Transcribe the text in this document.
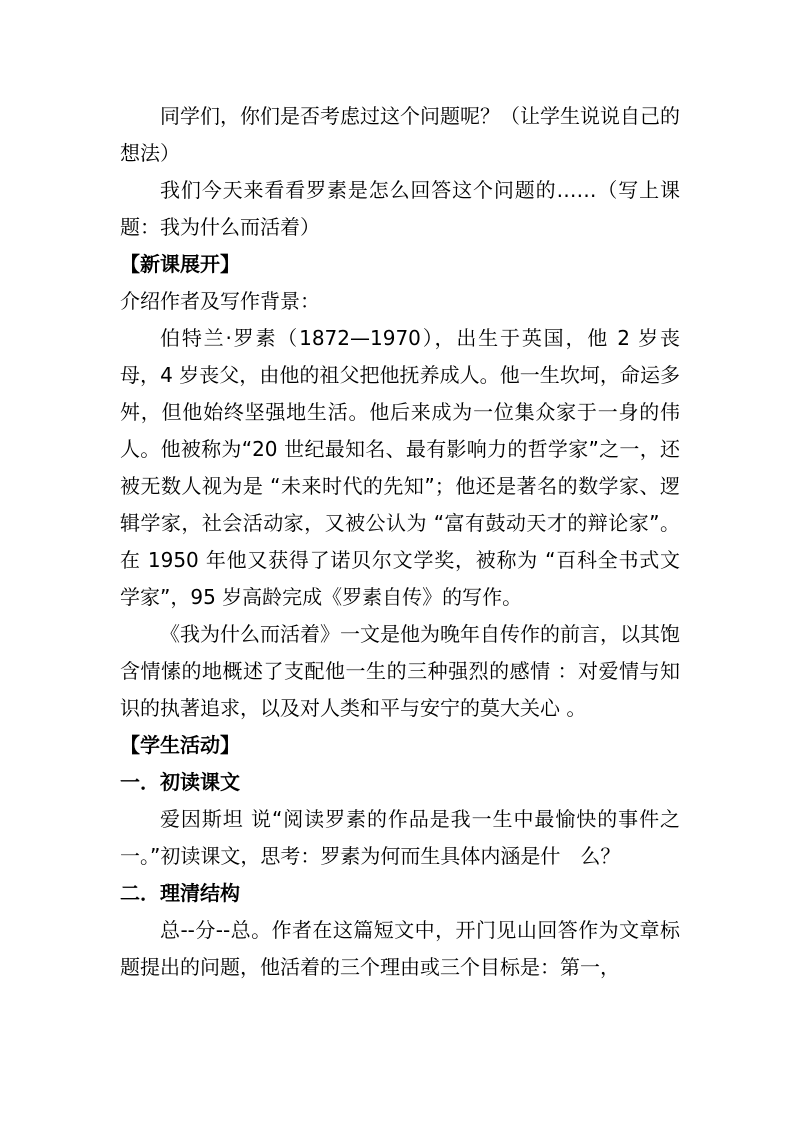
同学们，你们是否考虑过这个问题呢？（让学生说说自己的想法）

我们今天来看看罗素是怎么回答这个问题的……（写上课题：我为什么而活着）

【新课展开】

介绍作者及写作背景：

伯特兰·罗素（1872—1970），出生于英国，他 2 岁丧母，4 岁丧父，由他的祖父把他抚养成人。他一生坎坷，命运多舛，但他始终坚强地生活。他后来成为一位集众家于一身的伟人。他被称为“20 世纪最知名、最有影响力的哲学家”之一，还被无数人视为是 “未来时代的先知”；他还是著名的数学家、逻辑学家，社会活动家，又被公认为 “富有鼓动天才的辩论家”。在 1950 年他又获得了诺贝尔文学奖，被称为 “百科全书式文学家”，95 岁高龄完成《罗素自传》的写作。

《我为什么而活着》一文是他为晚年自传作的前言，以其饱含情愫的地概述了支配他一生的三种强烈的感情 ：对爱情与知识的执著追求，以及对人类和平与安宁的莫大关心 。

【学生活动】

一．初读课文

爱因斯坦 说“阅读罗素的作品是我一生中最愉快的事件之一。”初读课文，思考：罗素为何而生具体内涵是什　么？

二．理清结构

总--分--总。作者在这篇短文中，开门见山回答作为文章标题提出的问题，他活着的三个理由或三个目标是：第一，
